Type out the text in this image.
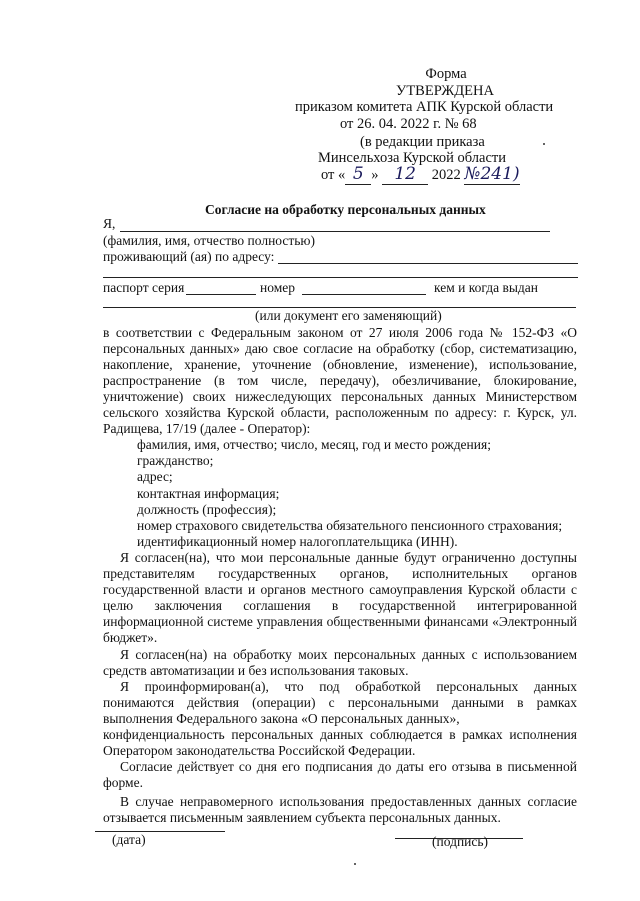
Форма
УТВЕРЖДЕНА
приказом комитета АПК Курской области
от 26. 04. 2022 г. № 68
(в редакции приказа
Минсельхоза Курской области
от « 5 » 12 2022 №241)
Согласие на обработку персональных данных
Я,
(фамилия, имя, отчество полностью)
проживающий (ая) по адресу:
паспорт серия	номер	кем и когда выдан
(или документ его заменяющий)
в соответствии с Федеральным законом от 27 июля 2006 года № 152-ФЗ «О
персональных данных» даю свое согласие на обработку (сбор, систематизацию,
накопление, хранение, уточнение (обновление, изменение), использование,
распространение (в том числе, передачу), обезличивание, блокирование,
уничтожение) своих нижеследующих персональных данных Министерством
сельского хозяйства Курской области, расположенным по адресу: г. Курск, ул.
Радищева, 17/19 (далее - Оператор):
фамилия, имя, отчество; число, месяц, год и место рождения;
гражданство;
адрес;
контактная информация;
должность (профессия);
номер страхового свидетельства обязательного пенсионного страхования;
идентификационный номер налогоплательщика (ИНН).
Я согласен(на), что мои персональные данные будут ограниченно доступны
представителям государственных органов, исполнительных органов
государственной власти и органов местного самоуправления Курской области с
целю заключения соглашения в государственной интегрированной
информационной системе управления общественными финансами «Электронный
бюджет».
Я согласен(на) на обработку моих персональных данных с использованием
средств автоматизации и без использования таковых.
Я проинформирован(а), что под обработкой персональных данных
понимаются действия (операции) с персональными данными в рамках
выполнения Федерального закона «О персональных данных»,
конфиденциальность персональных данных соблюдается в рамках исполнения
Оператором законодательства Российской Федерации.
Согласие действует со дня его подписания до даты его отзыва в письменной
форме.
В случае неправомерного использования предоставленных данных согласие
отзывается письменным заявлением субъекта персональных данных.
(дата)	(подпись)
